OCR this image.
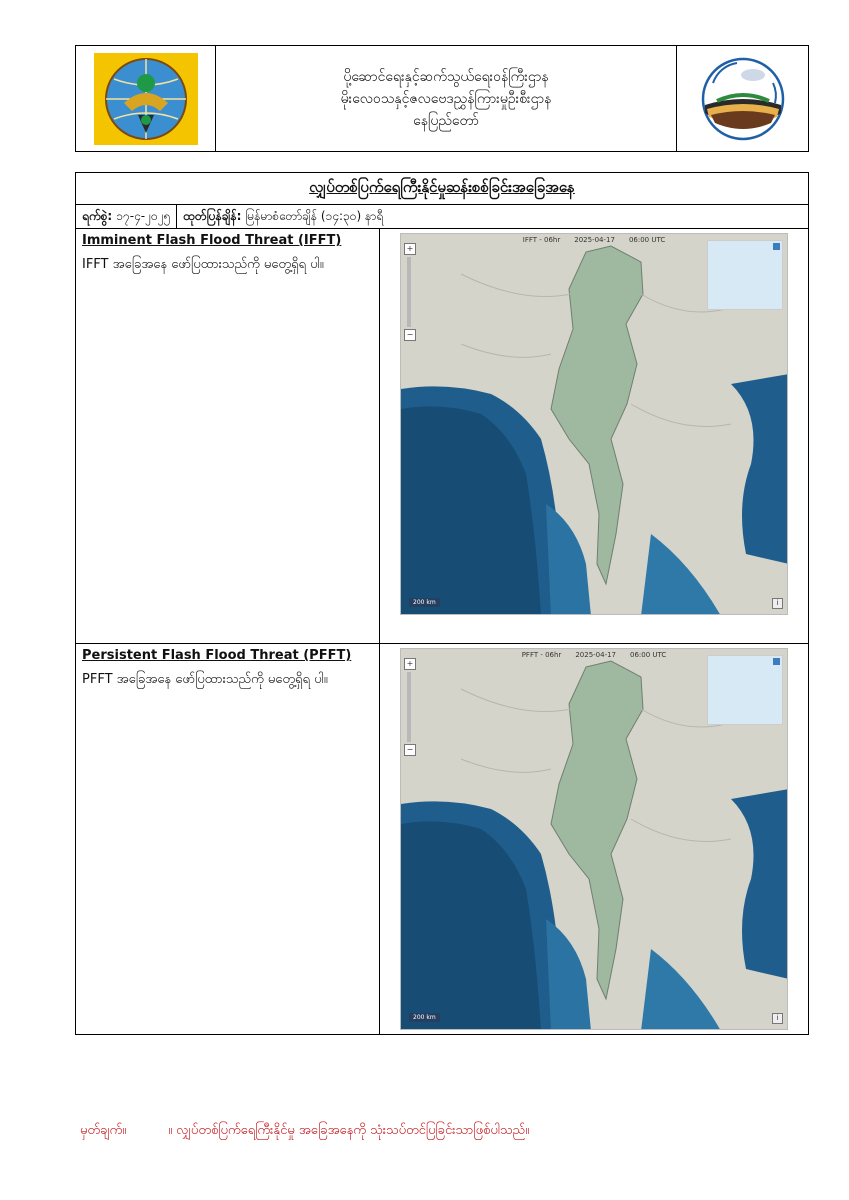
ပို့ဆောင်ရေးနှင့်ဆက်သွယ်ရေးဝန်ကြီးဌာန
မိုးလေဝသနှင့်ဇလဗေဒညွှန်ကြားမှုဦးစီးဌာန
နေပြည်တော်
လျှပ်တစ်ပြက်ရေကြီးနိုင်မှုဆန်းစစ်ခြင်းအခြေအနေ
ရက်စွဲ: ၁၇-၄-၂၀၂၅ ထုတ်ပြန်ချိန်: မြန်မာစံတော်ချိန် (၁၄:၃၀) နာရီ
Imminent Flash Flood Threat (IFFT)
IFFT အခြေအနေ ဖော်ပြထားသည်ကို မတွေ့ရှိရ ပါ။
IFFT - 06hr 2025-04-17 06:00 UTC
+
−
200 km	i
Persistent Flash Flood Threat (PFFT)
PFFT အခြေအနေ ဖော်ပြထားသည်ကို မတွေ့ရှိရ ပါ။
PFFT - 06hr 2025-04-17 06:00 UTC
+
−
200 km	i
မှတ်ချက်။	။ လျှပ်တစ်ပြက်ရေကြီးနိုင်မှု အခြေအနေကို သုံးသပ်တင်ပြခြင်းသာဖြစ်ပါသည်။
